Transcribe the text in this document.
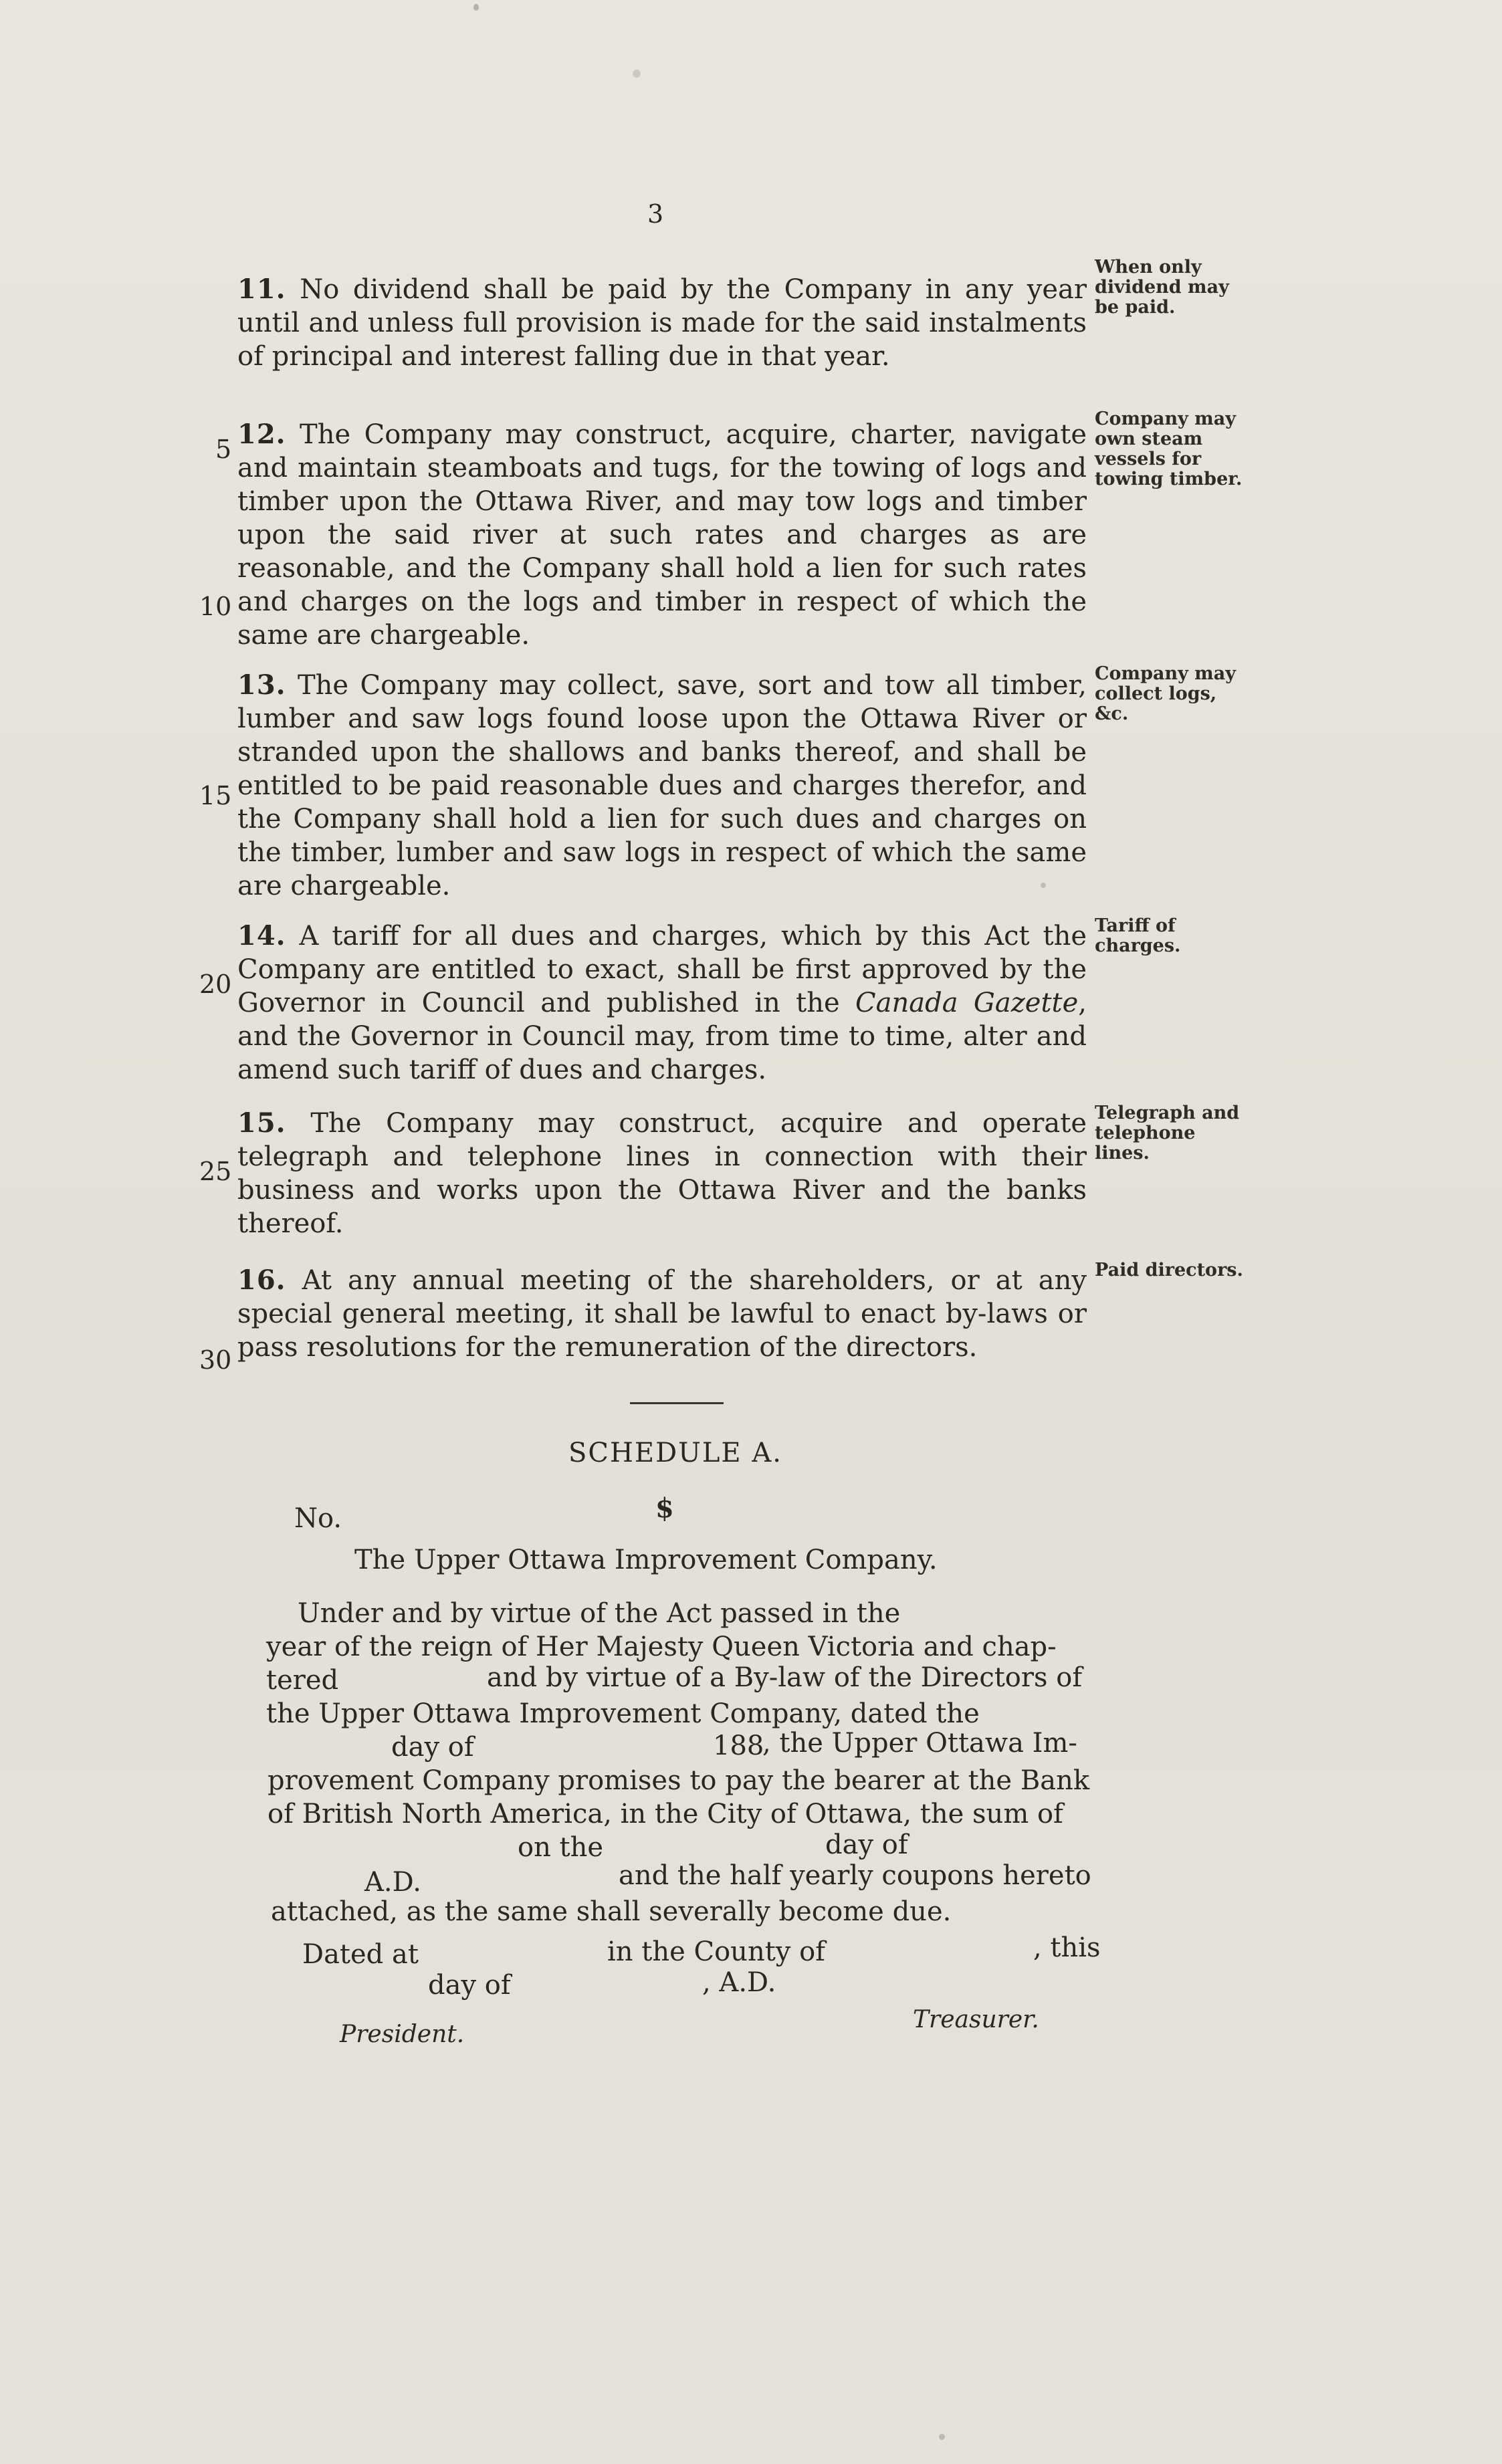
3

11. No dividend shall be paid by the Company in any year until and unless full provision is made for the said instalments of principal and interest falling due in that year.

When only dividend may be paid.

12. The Company may construct, acquire, charter, navigate and maintain steamboats and tugs, for the towing of logs and timber upon the Ottawa River, and may tow logs and timber upon the said river at such rates and charges as are reasonable, and the Company shall hold a lien for such rates and charges on the logs and timber in respect of which the same are chargeable.

Company may own steam vessels for towing timber.

13. The Company may collect, save, sort and tow all timber, lumber and saw logs found loose upon the Ottawa River or stranded upon the shallows and banks thereof, and shall be entitled to be paid reasonable dues and charges therefor, and the Company shall hold a lien for such dues and charges on the timber, lumber and saw logs in respect of which the same are chargeable.

Company may collect logs, &c.

14. A tariff for all dues and charges, which by this Act the Company are entitled to exact, shall be first approved by the Governor in Council and published in the Canada Gazette, and the Governor in Council may, from time to time, alter and amend such tariff of dues and charges.

Tariff of charges.

15. The Company may construct, acquire and operate telegraph and telephone lines in connection with their business and works upon the Ottawa River and the banks thereof.

Telegraph and telephone lines.

16. At any annual meeting of the shareholders, or at any special general meeting, it shall be lawful to enact by-laws or pass resolutions for the remuneration of the directors.

Paid directors.
5
10
15
20
25
30
SCHEDULE A.
No.	$
The Upper Ottawa Improvement Company.
Under and by virtue of the Act passed in the
year of the reign of Her Majesty Queen Victoria and chap-
tered	and by virtue of a By-law of the Directors of
the Upper Ottawa Improvement Company, dated the
day of	188
, the Upper Ottawa Im-
provement Company promises to pay the bearer at the Bank
of British North America, in the City of Ottawa, the sum of
on the	day of
A.D.	and the half yearly coupons hereto
attached, as the same shall severally become due.
Dated at	in the County of	, this
day of	, A.D.
President.
Treasurer.
